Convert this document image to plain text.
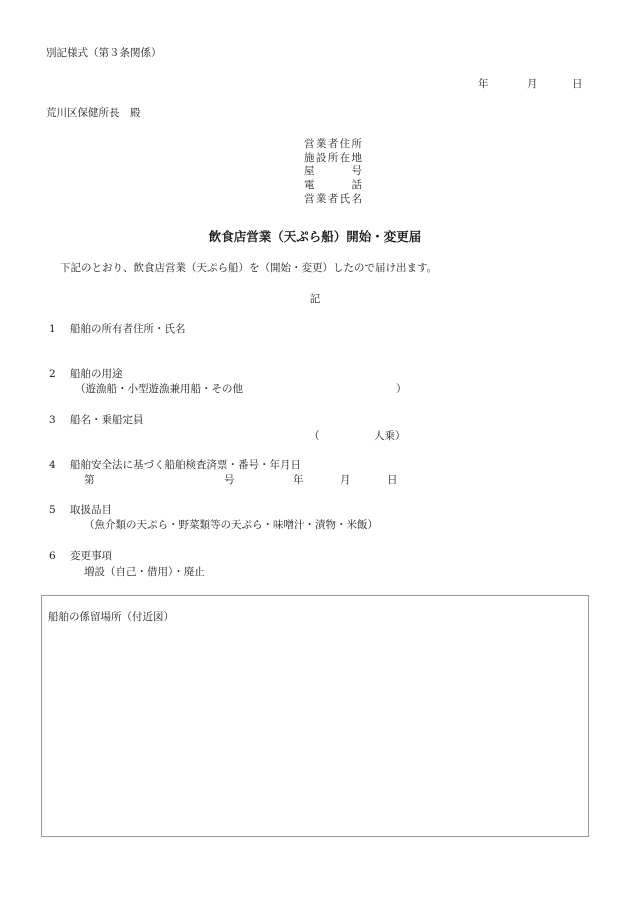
別記様式（第３条関係）
年	月	日
荒川区保健所長　殿
営業者住所
施設所在地
屋　　号
電　　話
営業者氏名
飲食店営業（天ぷら船）開始・変更届
下記のとおり、飲食店営業（天ぷら船）を（開始・変更）したので届け出ます。
記
1 船舶の所有者住所・氏名
2 船舶の用途
（遊漁船・小型遊漁兼用船・その他	）
3 船名・乗船定員
（	人乗）
4 船舶安全法に基づく船舶検査済票・番号・年月日
第	号	年	月	日
5 取扱品目
（魚介類の天ぷら・野菜類等の天ぷら・味噌汁・漬物・米飯）
6 変更事項
増設（自己・借用）・廃止
船舶の係留場所（付近図）
